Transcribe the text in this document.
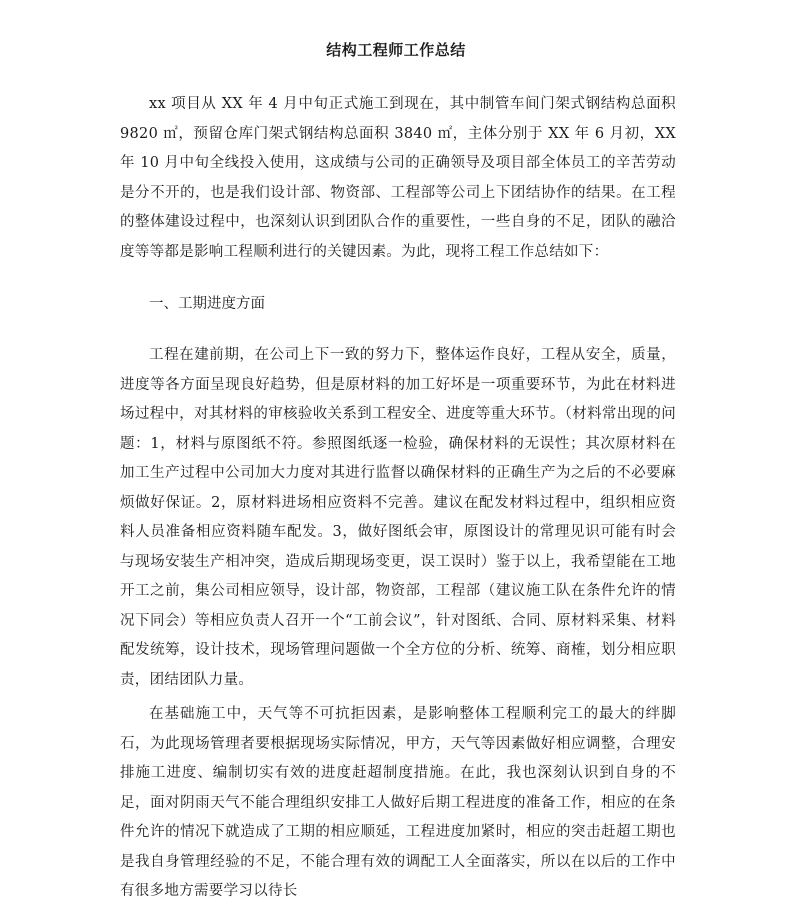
结构工程师工作总结
xx 项目从 XX 年 4 月中旬正式施工到现在，其中制管车间门架式钢结构总面积 9820 ㎡，预留仓库门架式钢结构总面积 3840 ㎡，主体分别于 XX 年 6 月初，XX 年 10 月中旬全线投入使用，这成绩与公司的正确领导及项目部全体员工的辛苦劳动是分不开的，也是我们设计部、物资部、工程部等公司上下团结协作的结果。在工程的整体建设过程中，也深刻认识到团队合作的重要性，一些自身的不足，团队的融洽度等等都是影响工程顺利进行的关键因素。为此，现将工程工作总结如下：
一、工期进度方面
工程在建前期，在公司上下一致的努力下，整体运作良好，工程从安全，质量，进度等各方面呈现良好趋势，但是原材料的加工好坏是一项重要环节，为此在材料进场过程中，对其材料的审核验收关系到工程安全、进度等重大环节。（材料常出现的问题：1，材料与原图纸不符。参照图纸逐一检验，确保材料的无误性；其次原材料在加工生产过程中公司加大力度对其进行监督以确保材料的正确生产为之后的不必要麻烦做好保证。2，原材料进场相应资料不完善。建议在配发材料过程中，组织相应资料人员准备相应资料随车配发。3，做好图纸会审，原图设计的常理见识可能有时会与现场安装生产相冲突，造成后期现场变更，误工误时）鉴于以上，我希望能在工地开工之前，集公司相应领导，设计部，物资部，工程部（建议施工队在条件允许的情况下同会）等相应负责人召开一个“工前会议”，针对图纸、合同、原材料采集、材料配发统筹，设计技术，现场管理问题做一个全方位的分析、统筹、商榷，划分相应职责，团结团队力量。
在基础施工中，天气等不可抗拒因素，是影响整体工程顺利完工的最大的绊脚石，为此现场管理者要根据现场实际情况，甲方，天气等因素做好相应调整，合理安排施工进度、编制切实有效的进度赶超制度措施。在此，我也深刻认识到自身的不足，面对阴雨天气不能合理组织安排工人做好后期工程进度的准备工作，相应的在条件允许的情况下就造成了工期的相应顺延，工程进度加紧时，相应的突击赶超工期也是我自身管理经验的不足，不能合理有效的调配工人全面落实，所以在以后的工作中有很多地方需要学习以待长
